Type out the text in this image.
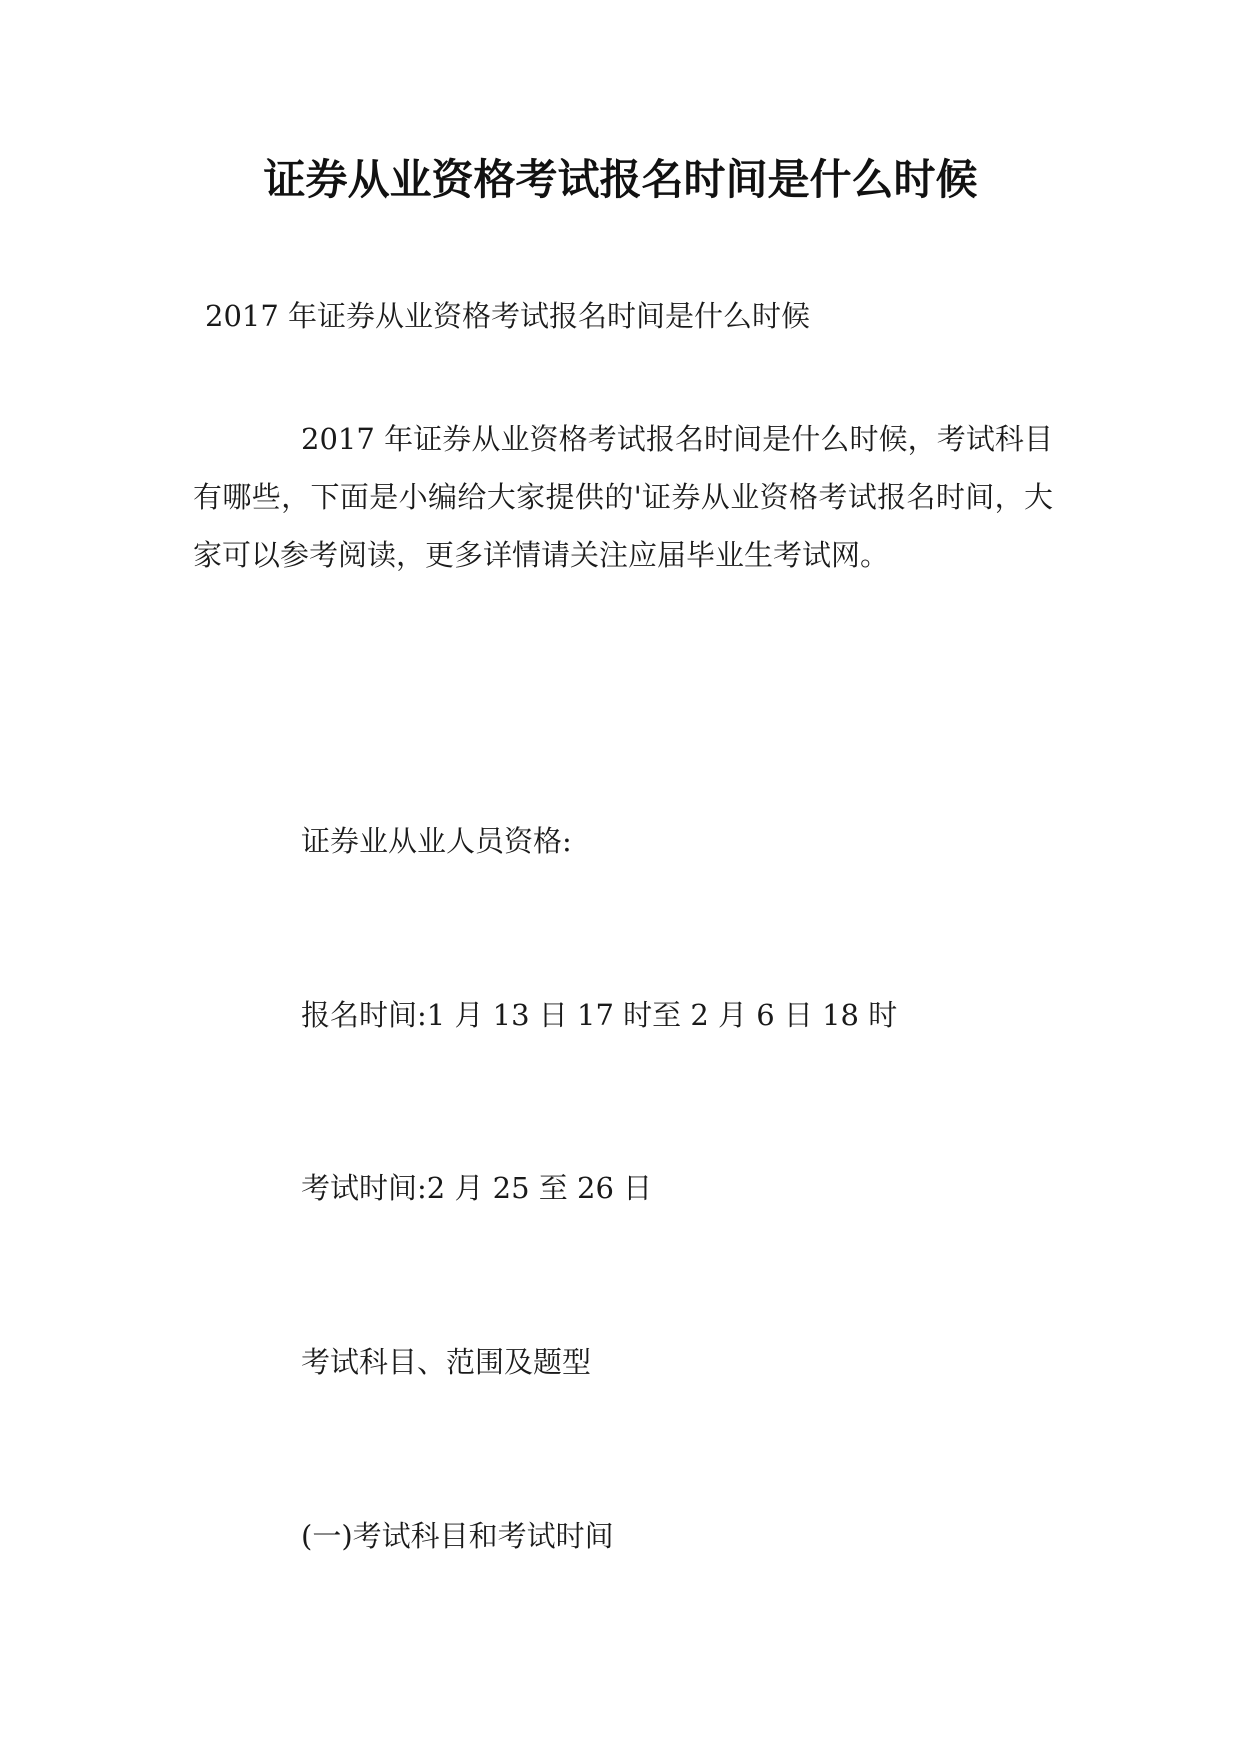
证券从业资格考试报名时间是什么时候

2017 年证券从业资格考试报名时间是什么时候

2017 年证券从业资格考试报名时间是什么时候，考试科目有哪些，下面是小编给大家提供的'证券从业资格考试报名时间，大家可以参考阅读，更多详情请关注应届毕业生考试网。

证券业从业人员资格:

报名时间:1 月 13 日 17 时至 2 月 6 日 18 时

考试时间:2 月 25 至 26 日

考试科目、范围及题型

(一)考试科目和考试时间
